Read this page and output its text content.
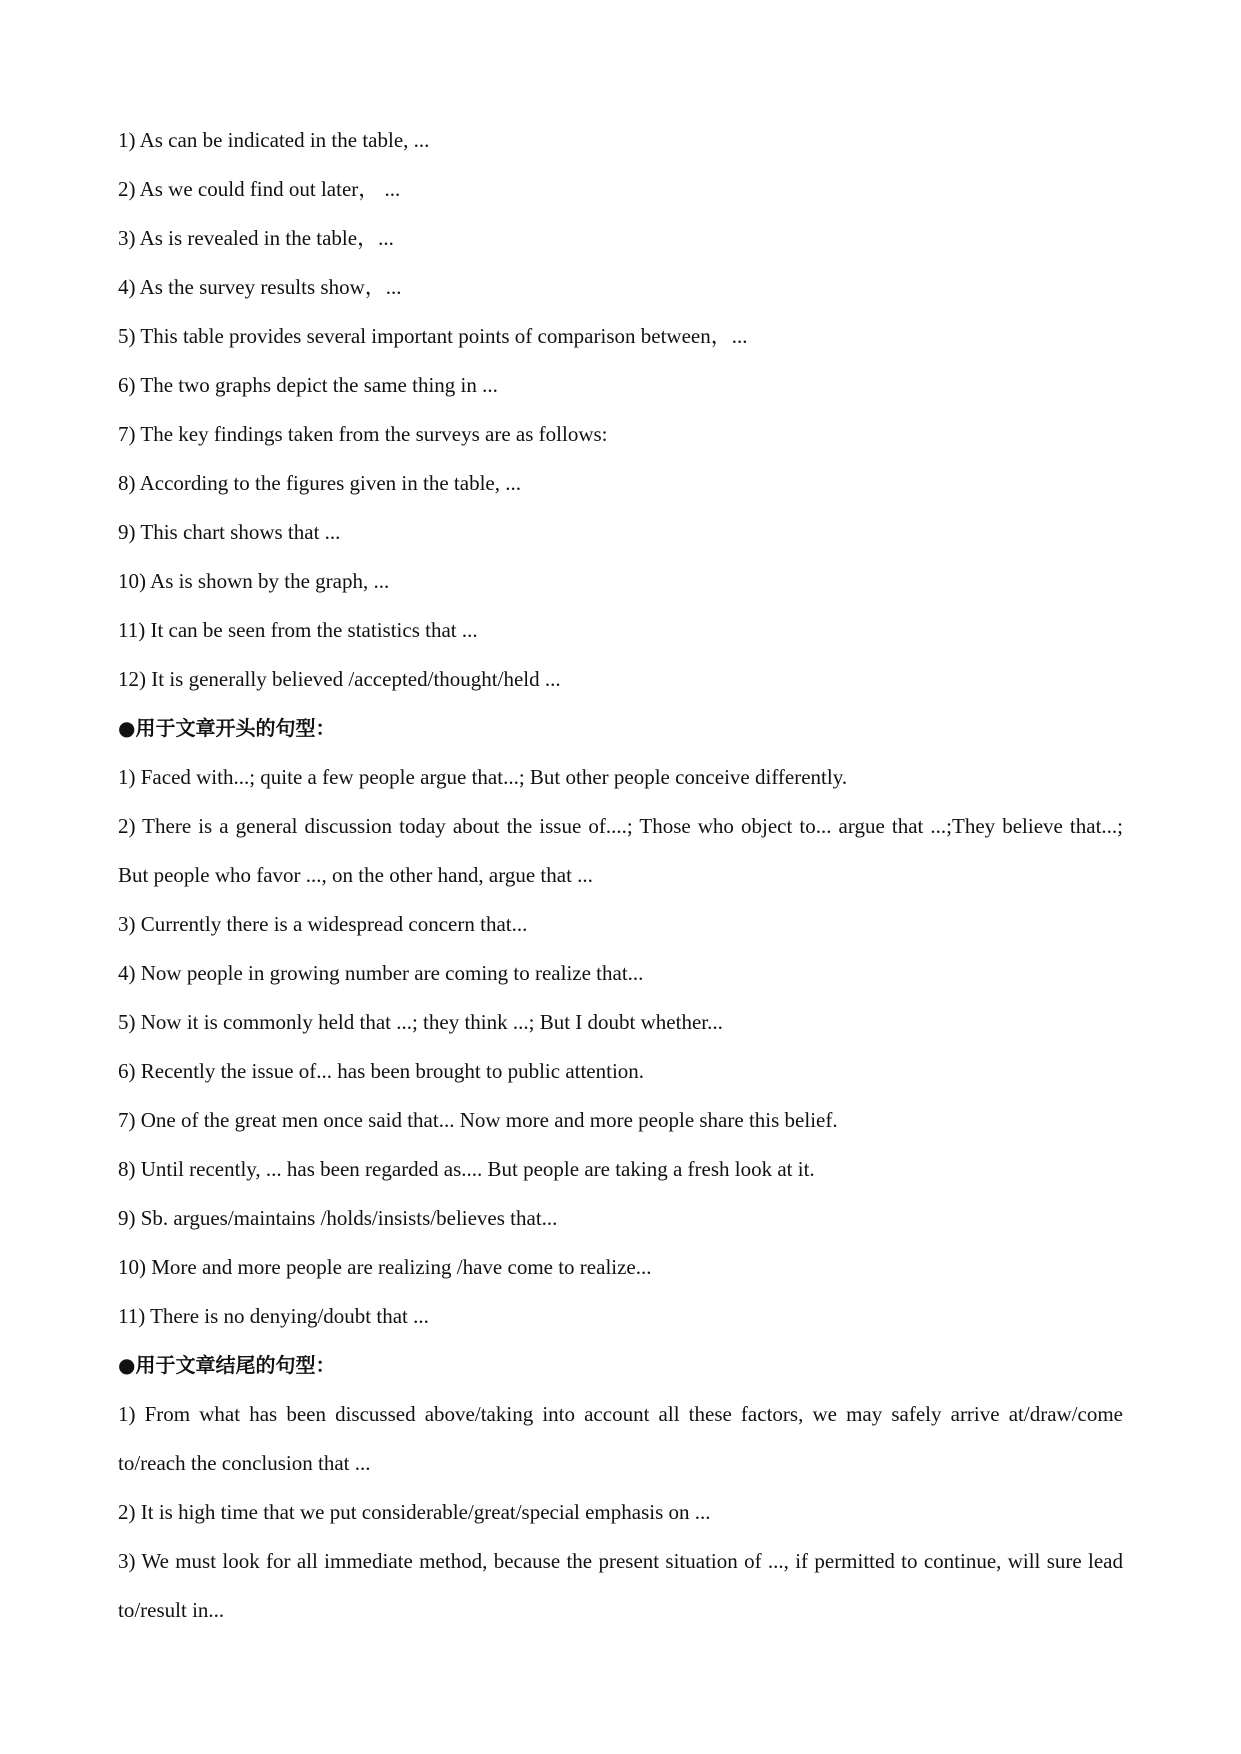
1) As can be indicated in the table, ...

2) As we could find out later， ...

3) As is revealed in the table，...

4) As the survey results show，...

5) This table provides several important points of comparison between，...

6) The two graphs depict the same thing in ...

7) The key findings taken from the surveys are as follows:

8) According to the figures given in the table, ...

9) This chart shows that ...

10) As is shown by the graph, ...

11) It can be seen from the statistics that ...

12) It is generally believed /accepted/thought/held ...

●用于文章开头的句型：

1) Faced with...; quite a few people argue that...; But other people conceive differently.

2) There is a general discussion today about the issue of....; Those who object to... argue that ...;They believe that...; But people who favor ..., on the other hand, argue that ...

3) Currently there is a widespread concern that...

4) Now people in growing number are coming to realize that...

5) Now it is commonly held that ...; they think ...; But I doubt whether...

6) Recently the issue of... has been brought to public attention.

7) One of the great men once said that... Now more and more people share this belief.

8) Until recently, ... has been regarded as.... But people are taking a fresh look at it.

9) Sb. argues/maintains /holds/insists/believes that...

10) More and more people are realizing /have come to realize...

11) There is no denying/doubt that ...

●用于文章结尾的句型：

1) From what has been discussed above/taking into account all these factors, we may safely arrive at/draw/come to/reach the conclusion that ...

2) It is high time that we put considerable/great/special emphasis on ...

3) We must look for all immediate method, because the present situation of ..., if permitted to continue, will sure lead to/result in...
